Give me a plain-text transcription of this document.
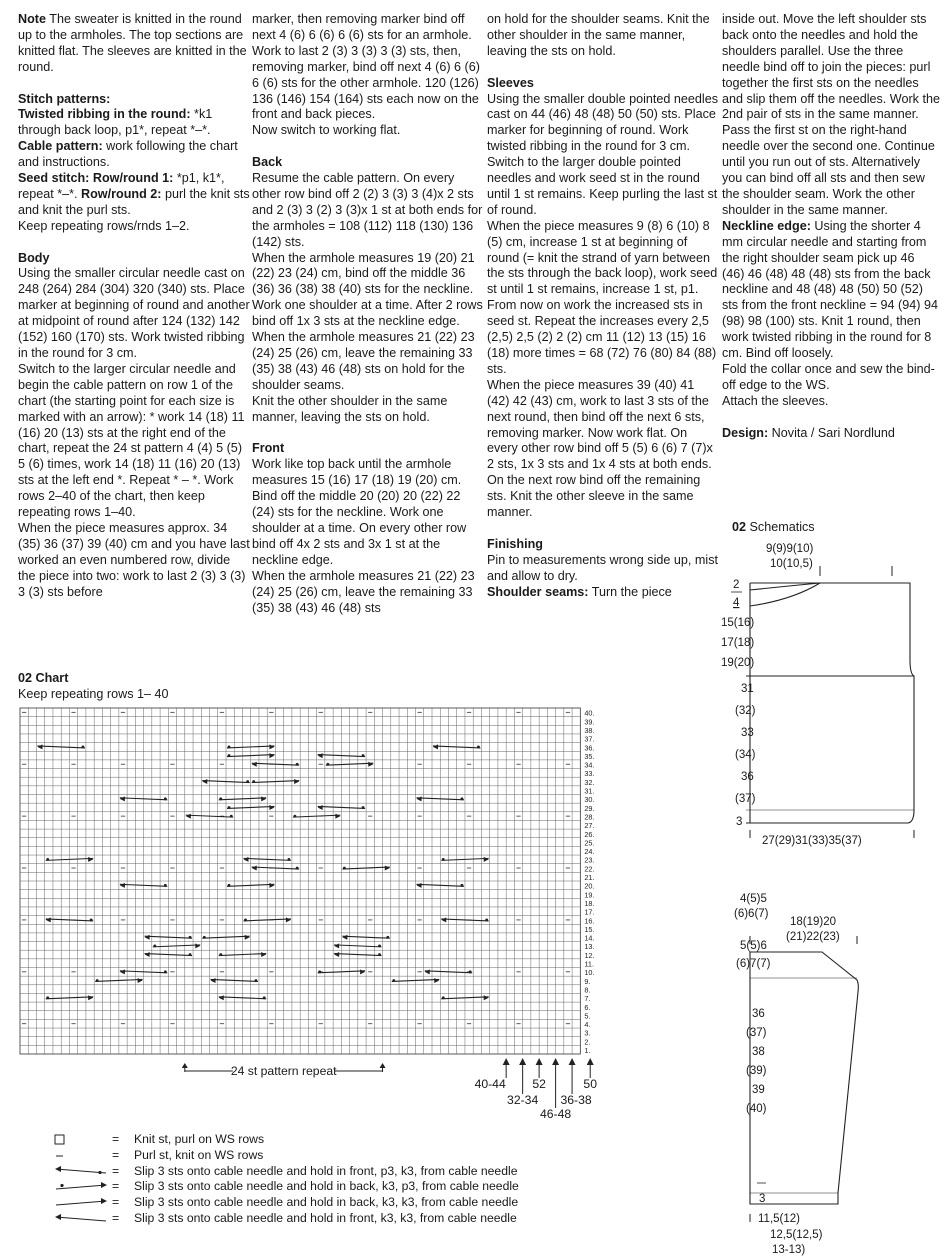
Note The sweater is knitted in the round up to the armholes. The top sections are knitted flat. The sleeves are knitted in the round.

Stitch patterns:

Twisted ribbing in the round: *k1 through back loop, p1*, repeat *–*.

Cable pattern: work following the chart and instructions.

Seed stitch: Row/round 1: *p1, k1*, repeat *–*. Row/round 2: purl the knit sts and knit the purl sts.

Keep repeating rows/rnds 1–2.

Body

Using the smaller circular needle cast on 248 (264) 284 (304) 320 (340) sts. Place marker at beginning of round and another at midpoint of round after 124 (132) 142 (152) 160 (170) sts. Work twisted ribbing in the round for 3 cm.

Switch to the larger circular needle and begin the cable pattern on row 1 of the chart (the starting point for each size is marked with an arrow): * work 14 (18) 11 (16) 20 (13) sts at the right end of the chart, repeat the 24 st pattern 4 (4) 5 (5) 5 (6) times, work 14 (18) 11 (16) 20 (13) sts at the left end *. Repeat * – *. Work rows 2–40 of the chart, then keep repeating rows 1–40.

When the piece measures approx. 34 (35) 36 (37) 39 (40) cm and you have last worked an even numbered row, divide the piece into two: work to last 2 (3) 3 (3) 3 (3) sts before

marker, then removing marker bind off next 4 (6) 6 (6) 6 (6) sts for an armhole. Work to last 2 (3) 3 (3) 3 (3) sts, then, removing marker, bind off next 4 (6) 6 (6) 6 (6) sts for the other armhole. 120 (126) 136 (146) 154 (164) sts each now on the front and back pieces.

Now switch to working flat.

Back

Resume the cable pattern. On every other row bind off 2 (2) 3 (3) 3 (4)x 2 sts and 2 (3) 3 (2) 3 (3)x 1 st at both ends for the armholes = 108 (112) 118 (130) 136 (142) sts.

When the armhole measures 19 (20) 21 (22) 23 (24) cm, bind off the middle 36 (36) 36 (38) 38 (40) sts for the neckline. Work one shoulder at a time. After 2 rows bind off 1x 3 sts at the neckline edge.

When the armhole measures 21 (22) 23 (24) 25 (26) cm, leave the remaining 33 (35) 38 (43) 46 (48) sts on hold for the shoulder seams.

Knit the other shoulder in the same manner, leaving the sts on hold.

Front

Work like top back until the armhole measures 15 (16) 17 (18) 19 (20) cm. Bind off the middle 20 (20) 20 (22) 22 (24) sts for the neckline. Work one shoulder at a time. On every other row bind off 4x 2 sts and 3x 1 st at the neckline edge.

When the armhole measures 21 (22) 23 (24) 25 (26) cm, leave the remaining 33 (35) 38 (43) 46 (48) sts

on hold for the shoulder seams. Knit the other shoulder in the same manner, leaving the sts on hold.

Sleeves

Using the smaller double pointed needles cast on 44 (46) 48 (48) 50 (50) sts. Place marker for beginning of round. Work twisted ribbing in the round for 3 cm. Switch to the larger double pointed needles and work seed st in the round until 1 st remains. Keep purling the last st of round.

When the piece measures 9 (8) 6 (10) 8 (5) cm, increase 1 st at beginning of round (= knit the strand of yarn between the sts through the back loop), work seed st until 1 st remains, increase 1 st, p1. From now on work the increased sts in seed st. Repeat the increases every 2,5 (2,5) 2,5 (2) 2 (2) cm 11 (12) 13 (15) 16 (18) more times = 68 (72) 76 (80) 84 (88) sts.

When the piece measures 39 (40) 41 (42) 42 (43) cm, work to last 3 sts of the next round, then bind off the next 6 sts, removing marker. Now work flat. On every other row bind off 5 (5) 6 (6) 7 (7)x 2 sts, 1x 3 sts and 1x 4 sts at both ends. On the next row bind off the remaining sts. Knit the other sleeve in the same manner.

Finishing

Pin to measurements wrong side up, mist and allow to dry.

Shoulder seams: Turn the piece

inside out. Move the left shoulder sts back onto the needles and hold the shoulders parallel. Use the three needle bind off to join the pieces: purl together the first sts on the needles and slip them off the needles. Work the 2nd pair of sts in the same manner. Pass the first st on the right-hand needle over the second one. Continue until you run out of sts. Alternatively you can bind off all sts and then sew the shoulder seam. Work the other shoulder in the same manner.

Neckline edge: Using the shorter 4 mm circular needle and starting from the right shoulder seam pick up 46 (46) 46 (48) 48 (48) sts from the back neckline and 48 (48) 48 (50) 50 (52) sts from the front neckline = 94 (94) 94 (98) 98 (100) sts. Knit 1 round, then work twisted ribbing in the round for 8 cm. Bind off loosely.

Fold the collar once and sew the bind-off edge to the WS.

Attach the sleeves.

Design: Novita / Sari Nordlund

02 Chart
Keep repeating rows 1– 40
1.
2.
3.
4.
5.
6.
7.
8.
9.
10.
11.
12.
13.
14.
15.
16.
17.
18.
19.
20.
21.
22.
23.
24.
25.
26.
27.
28.
29.
30.
31.
32.
33.
34.
35.
36.
37.
38.
39.
40.
24 st pattern repeat
40-44
32-34
52
46-48
36-38
50
=	Knit st, purl on WS rows
=	Purl st, knit on WS rows
=	Slip 3 sts onto cable needle and hold in front, p3, k3, from cable needle
=	Slip 3 sts onto cable needle and hold in back, k3, p3, from cable needle
=	Slip 3 sts onto cable needle and hold in back, k3, k3, from cable needle
=	Slip 3 sts onto cable needle and hold in front, k3, k3, from cable needle
02 Schematics
9(9)9(10)
10(10,5)
2
4
15(16)
17(18)
19(20)
31
(32)
33
(34)
36
(37)
3
27(29)31(33)35(37)
4(5)5
(6)6(7)
18(19)20
(21)22(23)
5(5)6
(6)7(7)
36
(37)
38
(39)
39
(40)
3
11,5(12)
12,5(12,5)
13-13)
